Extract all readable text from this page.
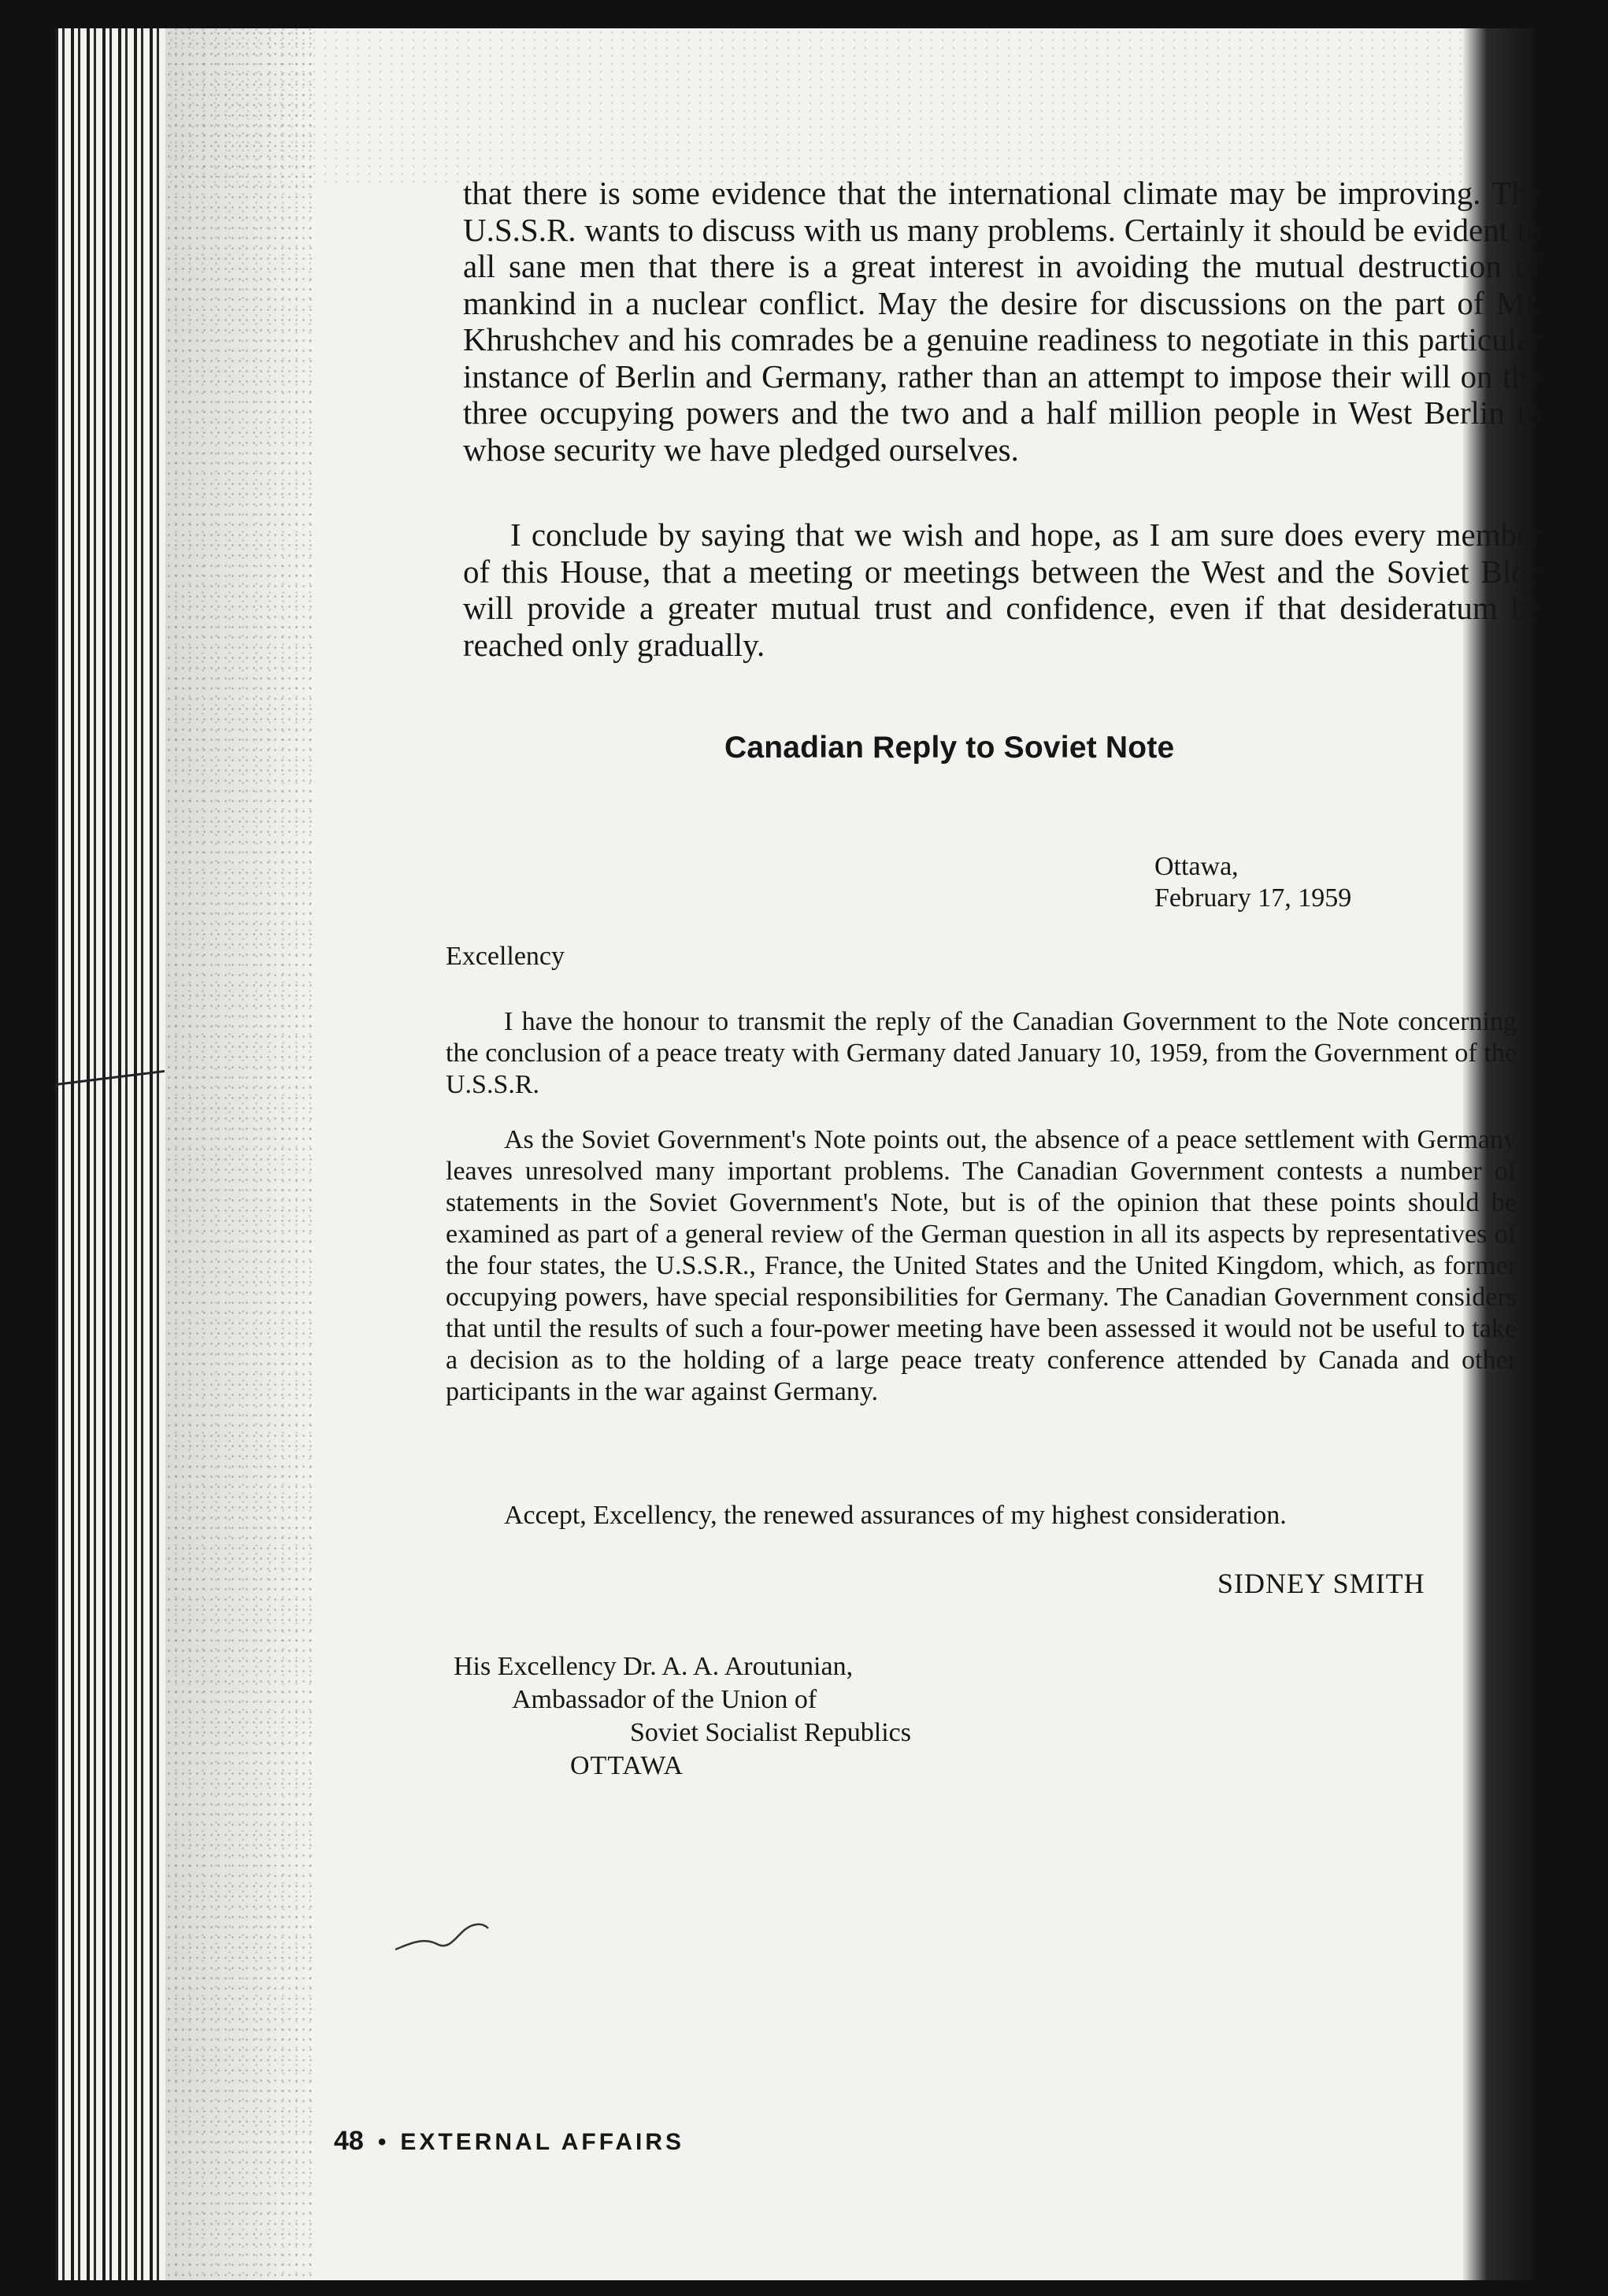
that there is some evidence that the international climate may be improving. The U.S.S.R. wants to discuss with us many problems. Certainly it should be evident to all sane men that there is a great interest in avoiding the mutual destruction of mankind in a nuclear conflict. May the desire for discussions on the part of Mr. Khrushchev and his comrades be a genuine readiness to negotiate in this particular instance of Berlin and Germany, rather than an attempt to impose their will on the three occupying powers and the two and a half million people in West Berlin to whose security we have pledged ourselves.

I conclude by saying that we wish and hope, as I am sure does every member of this House, that a meeting or meetings between the West and the Soviet Bloc will provide a greater mutual trust and confidence, even if that desideratum be reached only gradually.

Canadian Reply to Soviet Note

Ottawa,

February 17, 1959

Excellency

I have the honour to transmit the reply of the Canadian Government to the Note concerning the conclusion of a peace treaty with Germany dated January 10, 1959, from the Government of the U.S.S.R.

As the Soviet Government's Note points out, the absence of a peace settlement with Germany leaves unresolved many important problems. The Canadian Government contests a number of statements in the Soviet Government's Note, but is of the opinion that these points should be examined as part of a general review of the German question in all its aspects by representatives of the four states, the U.S.S.R., France, the United States and the United Kingdom, which, as former occupying powers, have special responsibilities for Germany. The Canadian Government considers that until the results of such a four-power meeting have been assessed it would not be useful to take a decision as to the holding of a large peace treaty conference attended by Canada and other participants in the war against Germany.

Accept, Excellency, the renewed assurances of my highest consideration.

SIDNEY SMITH

His Excellency Dr. A. A. Aroutunian,

Ambassador of the Union of

Soviet Socialist Republics

OTTAWA

48 • EXTERNAL AFFAIRS
